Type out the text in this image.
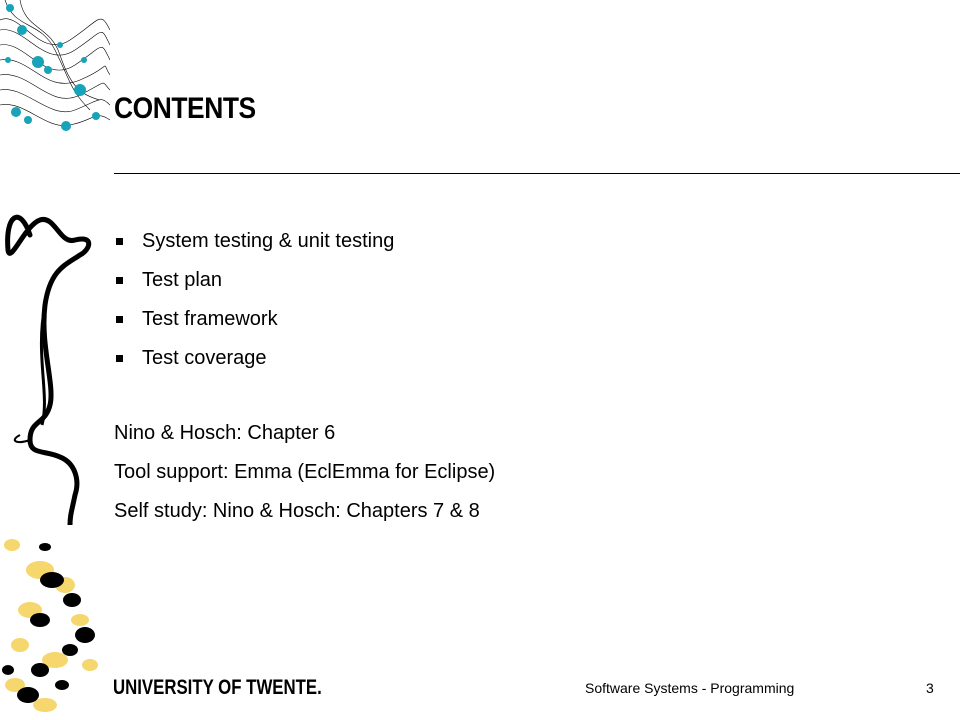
CONTENTS
System testing & unit testing
Test plan
Test framework
Test coverage
Nino & Hosch: Chapter 6
Tool support: Emma (EclEmma for Eclipse)
Self study: Nino & Hosch: Chapters 7 & 8
UNIVERSITY OF TWENTE.	Software Systems - Programming	3
